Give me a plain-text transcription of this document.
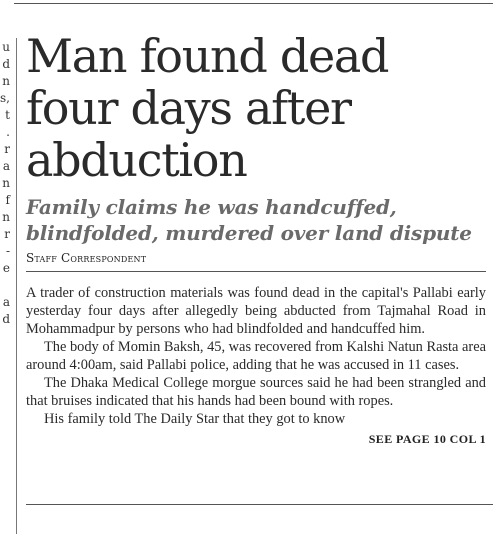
u
d
n
s,
t
.
r
a
n
f
n
r
-
e
a
d
Man found dead four days after abduction
Family claims he was handcuffed, blindfolded, murdered over land dispute
Staff Correspondent

A trader of construction materials was found dead in the capital's Pallabi early yesterday four days after allegedly being abducted from Tajmahal Road in Mohammadpur by persons who had blindfolded and handcuffed him.

The body of Momin Baksh, 45, was recovered from Kalshi Natun Rasta area around 4:00am, said Pallabi police, adding that he was accused in 11 cases.

The Dhaka Medical College morgue sources said he had been strangled and that bruises indicated that his hands had been bound with ropes.

His family told The Daily Star that they got to know

SEE PAGE 10 COL 1
